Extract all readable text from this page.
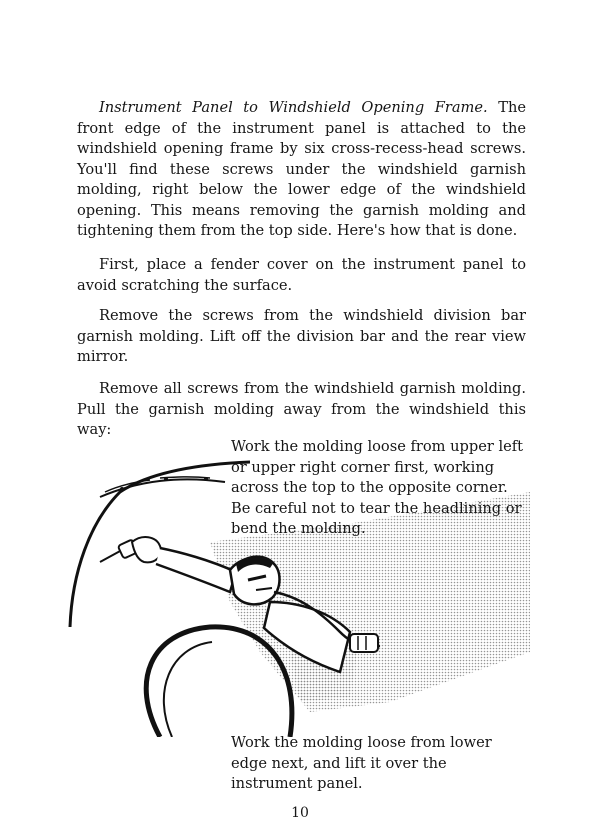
Instrument Panel to Windshield Opening Frame. The front edge of the instrument panel is attached to the windshield opening frame by six cross-recess-head screws. You'll find these screws under the windshield garnish molding, right below the lower edge of the windshield opening. This means removing the garnish molding and tightening them from the top side. Here's how that is done.

First, place a fender cover on the instrument panel to avoid scratching the surface.

Remove the screws from the windshield division bar garnish molding. Lift off the division bar and the rear view mirror.

Remove all screws from the windshield garnish molding. Pull the garnish molding away from the windshield this way:

Work the molding loose from upper left or upper right corner first, working across the top to the opposite corner. Be careful not to tear the headlining or bend the molding.

Work the molding loose from lower edge next, and lift it over the instrument panel.

10
